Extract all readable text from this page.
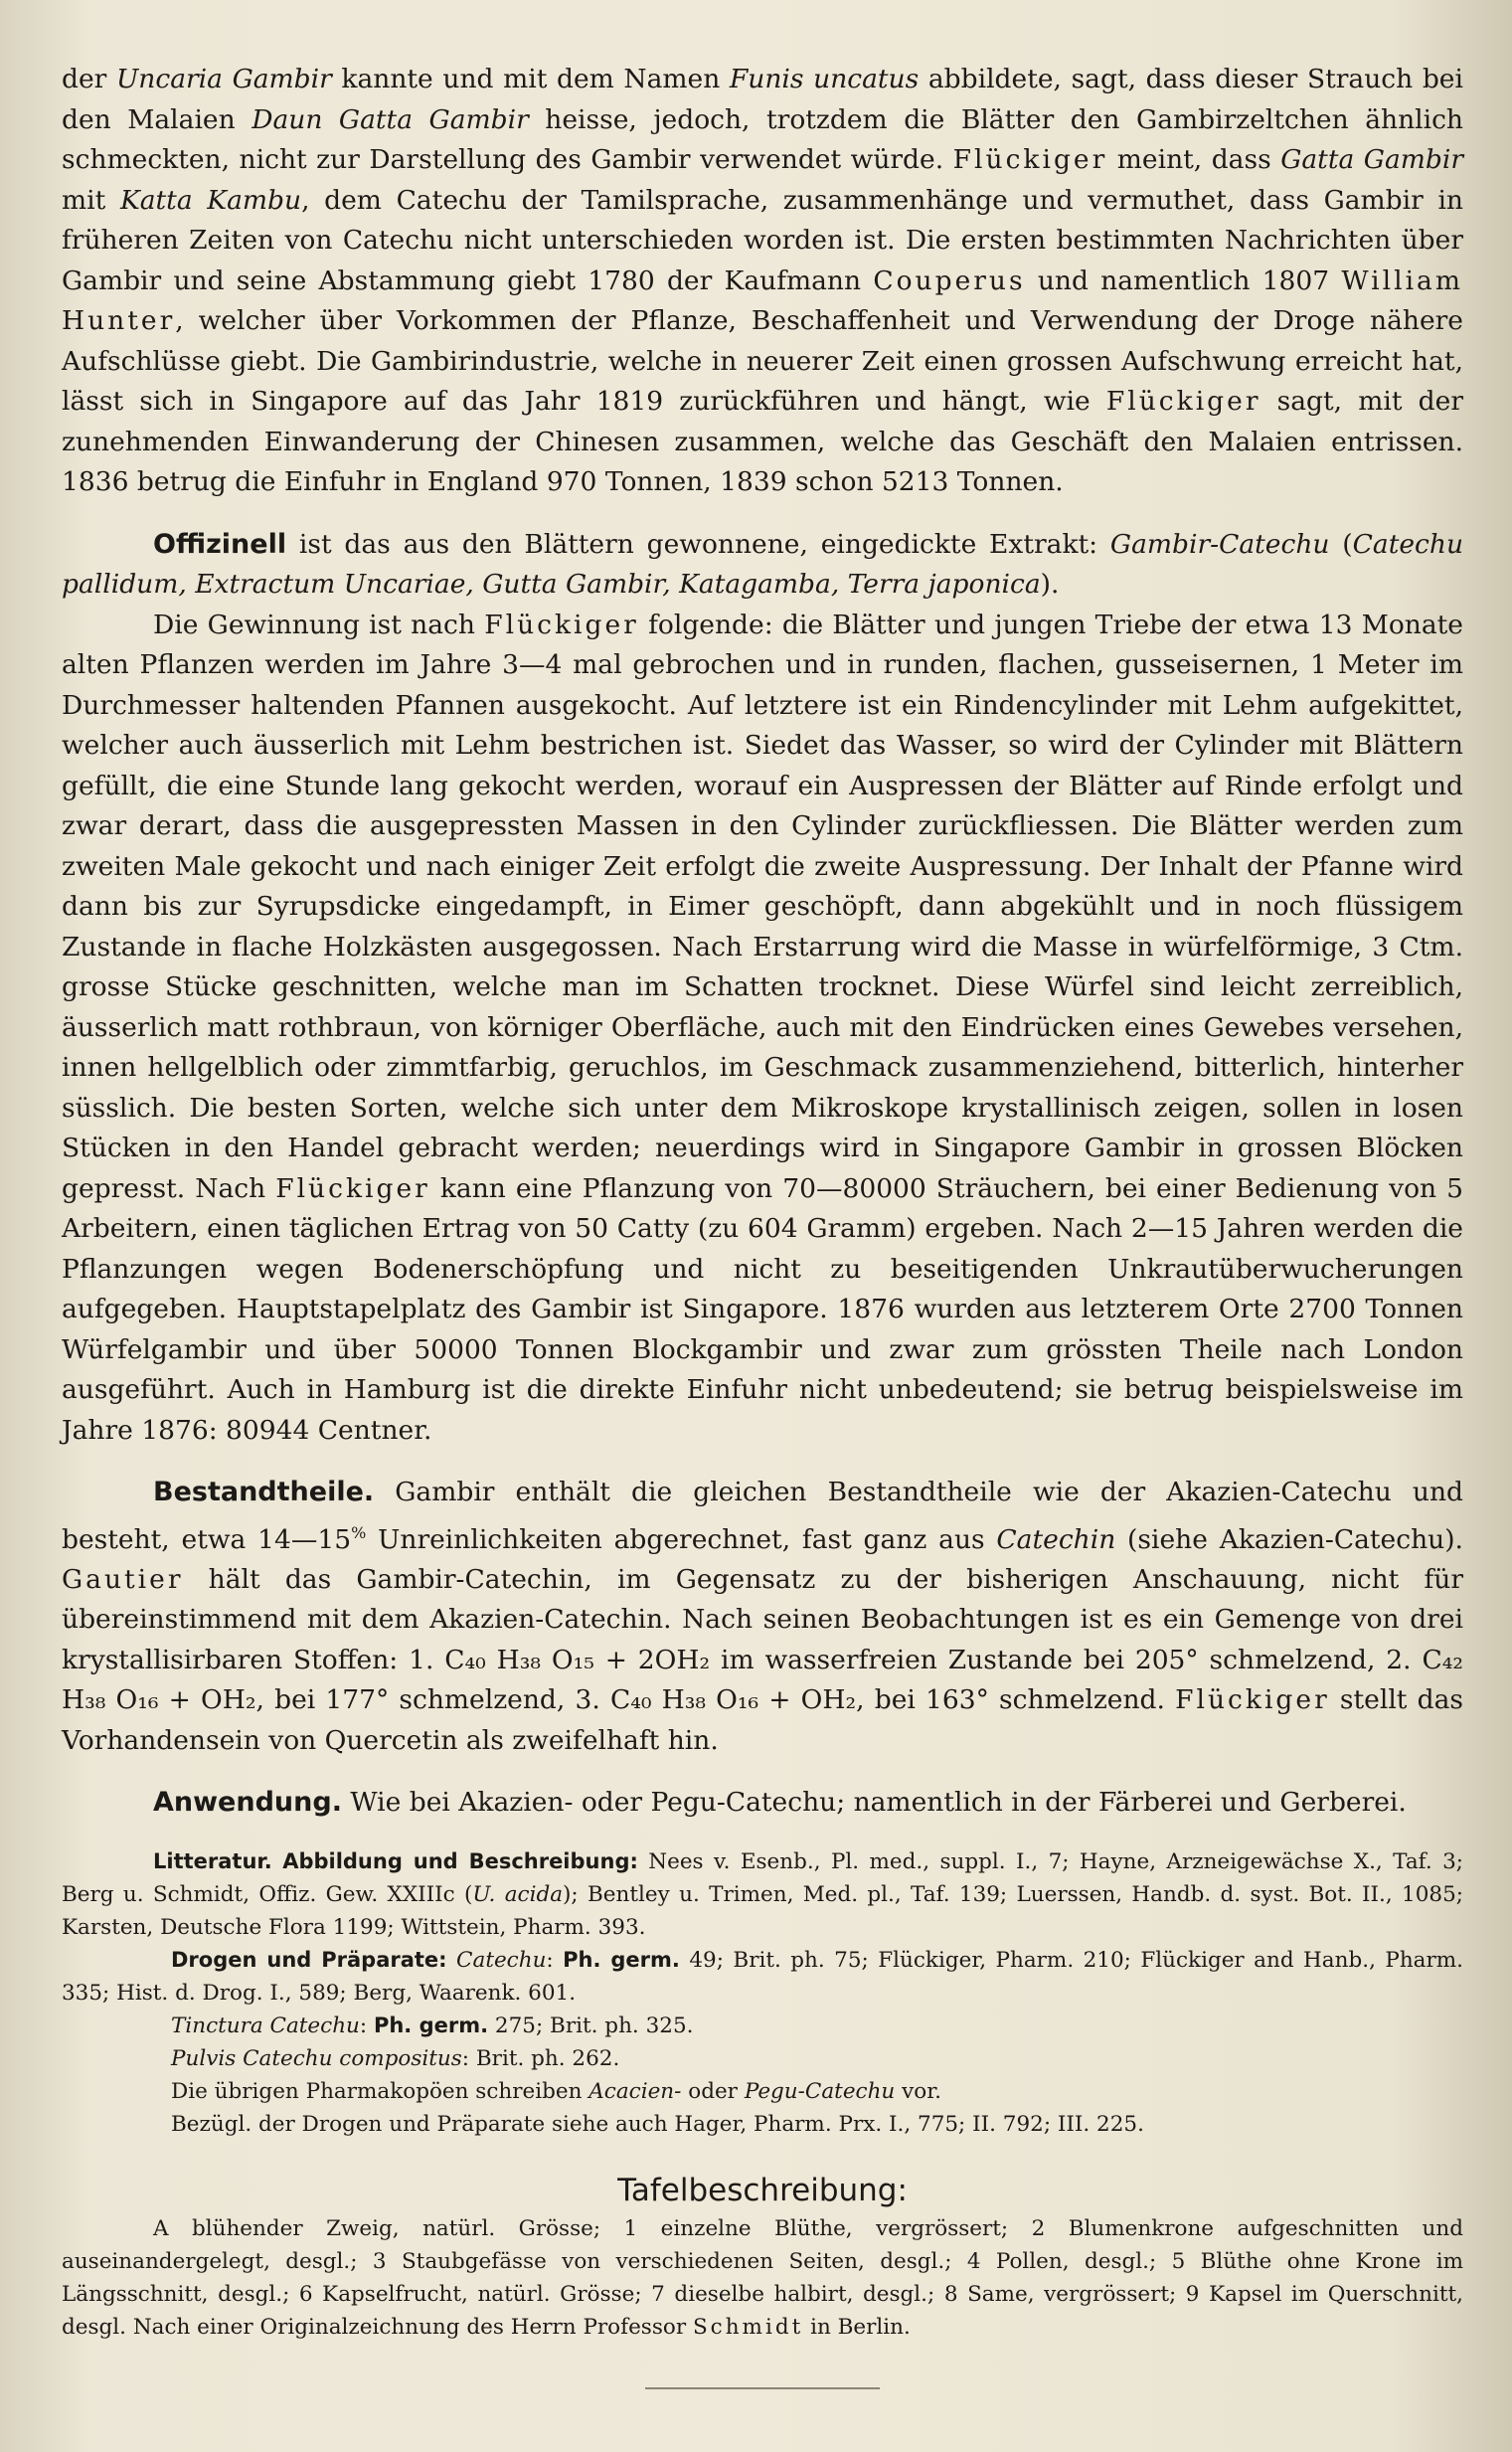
der Uncaria Gambir kannte und mit dem Namen Funis uncatus abbildete, sagt, dass dieser Strauch bei den Malaien Daun Gatta Gambir heisse, jedoch, trotzdem die Blätter den Gambirzeltchen ähnlich schmeckten, nicht zur Darstellung des Gambir verwendet würde. Flückiger meint, dass Gatta Gambir mit Katta Kambu, dem Catechu der Tamilsprache, zusammenhänge und vermuthet, dass Gambir in früheren Zeiten von Catechu nicht unterschieden worden ist. Die ersten bestimmten Nachrichten über Gambir und seine Abstammung giebt 1780 der Kaufmann Couperus und namentlich 1807 William Hunter, welcher über Vorkommen der Pflanze, Beschaffenheit und Verwendung der Droge nähere Aufschlüsse giebt. Die Gambirindustrie, welche in neuerer Zeit einen grossen Aufschwung erreicht hat, lässt sich in Singapore auf das Jahr 1819 zurückführen und hängt, wie Flückiger sagt, mit der zunehmenden Einwanderung der Chinesen zusammen, welche das Geschäft den Malaien entrissen. 1836 betrug die Einfuhr in England 970 Tonnen, 1839 schon 5213 Tonnen.

Offizinell ist das aus den Blättern gewonnene, eingedickte Extrakt: Gambir-Catechu (Catechu pallidum, Extractum Uncariae, Gutta Gambir, Katagamba, Terra japonica).

Die Gewinnung ist nach Flückiger folgende: die Blätter und jungen Triebe der etwa 13 Monate alten Pflanzen werden im Jahre 3—4 mal gebrochen und in runden, flachen, gusseisernen, 1 Meter im Durchmesser haltenden Pfannen ausgekocht. Auf letztere ist ein Rindencylinder mit Lehm aufgekittet, welcher auch äusserlich mit Lehm bestrichen ist. Siedet das Wasser, so wird der Cylinder mit Blättern gefüllt, die eine Stunde lang gekocht werden, worauf ein Auspressen der Blätter auf Rinde erfolgt und zwar derart, dass die ausgepressten Massen in den Cylinder zurückfliessen. Die Blätter werden zum zweiten Male gekocht und nach einiger Zeit erfolgt die zweite Auspressung. Der Inhalt der Pfanne wird dann bis zur Syrupsdicke eingedampft, in Eimer geschöpft, dann abgekühlt und in noch flüssigem Zustande in flache Holzkästen ausgegossen. Nach Erstarrung wird die Masse in würfelförmige, 3 Ctm. grosse Stücke geschnitten, welche man im Schatten trocknet. Diese Würfel sind leicht zerreiblich, äusserlich matt rothbraun, von körniger Oberfläche, auch mit den Eindrücken eines Gewebes versehen, innen hellgelblich oder zimmtfarbig, geruchlos, im Geschmack zusammenziehend, bitterlich, hinterher süsslich. Die besten Sorten, welche sich unter dem Mikroskope krystallinisch zeigen, sollen in losen Stücken in den Handel gebracht werden; neuerdings wird in Singapore Gambir in grossen Blöcken gepresst. Nach Flückiger kann eine Pflanzung von 70—80000 Sträuchern, bei einer Bedienung von 5 Arbeitern, einen täglichen Ertrag von 50 Catty (zu 604 Gramm) ergeben. Nach 2—15 Jahren werden die Pflanzungen wegen Bodenerschöpfung und nicht zu beseitigenden Unkrautüberwucherungen aufgegeben. Hauptstapelplatz des Gambir ist Singapore. 1876 wurden aus letzterem Orte 2700 Tonnen Würfelgambir und über 50000 Tonnen Blockgambir und zwar zum grössten Theile nach London ausgeführt. Auch in Hamburg ist die direkte Einfuhr nicht unbedeutend; sie betrug beispielsweise im Jahre 1876: 80944 Centner.

Bestandtheile. Gambir enthält die gleichen Bestandtheile wie der Akazien-Catechu und besteht, etwa 14—15% Unreinlichkeiten abgerechnet, fast ganz aus Catechin (siehe Akazien-Catechu). Gautier hält das Gambir-Catechin, im Gegensatz zu der bisherigen Anschauung, nicht für übereinstimmend mit dem Akazien-Catechin. Nach seinen Beobachtungen ist es ein Gemenge von drei krystallisirbaren Stoffen: 1. C₄₀ H₃₈ O₁₅ + 2OH₂ im wasserfreien Zustande bei 205° schmelzend, 2. C₄₂ H₃₈ O₁₆ + OH₂, bei 177° schmelzend, 3. C₄₀ H₃₈ O₁₆ + OH₂, bei 163° schmelzend. Flückiger stellt das Vorhandensein von Quercetin als zweifelhaft hin.

Anwendung. Wie bei Akazien- oder Pegu-Catechu; namentlich in der Färberei und Gerberei.

Litteratur. Abbildung und Beschreibung: Nees v. Esenb., Pl. med., suppl. I., 7; Hayne, Arzneigewächse X., Taf. 3; Berg u. Schmidt, Offiz. Gew. XXIIIc (U. acida); Bentley u. Trimen, Med. pl., Taf. 139; Luerssen, Handb. d. syst. Bot. II., 1085; Karsten, Deutsche Flora 1199; Wittstein, Pharm. 393.

Drogen und Präparate: Catechu: Ph. germ. 49; Brit. ph. 75; Flückiger, Pharm. 210; Flückiger and Hanb., Pharm. 335; Hist. d. Drog. I., 589; Berg, Waarenk. 601.

Tinctura Catechu: Ph. germ. 275; Brit. ph. 325.

Pulvis Catechu compositus: Brit. ph. 262.

Die übrigen Pharmakopöen schreiben Acacien- oder Pegu-Catechu vor.

Bezügl. der Drogen und Präparate siehe auch Hager, Pharm. Prx. I., 775; II. 792; III. 225.

Tafelbeschreibung:

A blühender Zweig, natürl. Grösse; 1 einzelne Blüthe, vergrössert; 2 Blumenkrone aufgeschnitten und auseinandergelegt, desgl.; 3 Staubgefässe von verschiedenen Seiten, desgl.; 4 Pollen, desgl.; 5 Blüthe ohne Krone im Längsschnitt, desgl.; 6 Kapselfrucht, natürl. Grösse; 7 dieselbe halbirt, desgl.; 8 Same, vergrössert; 9 Kapsel im Querschnitt, desgl. Nach einer Originalzeichnung des Herrn Professor Schmidt in Berlin.
